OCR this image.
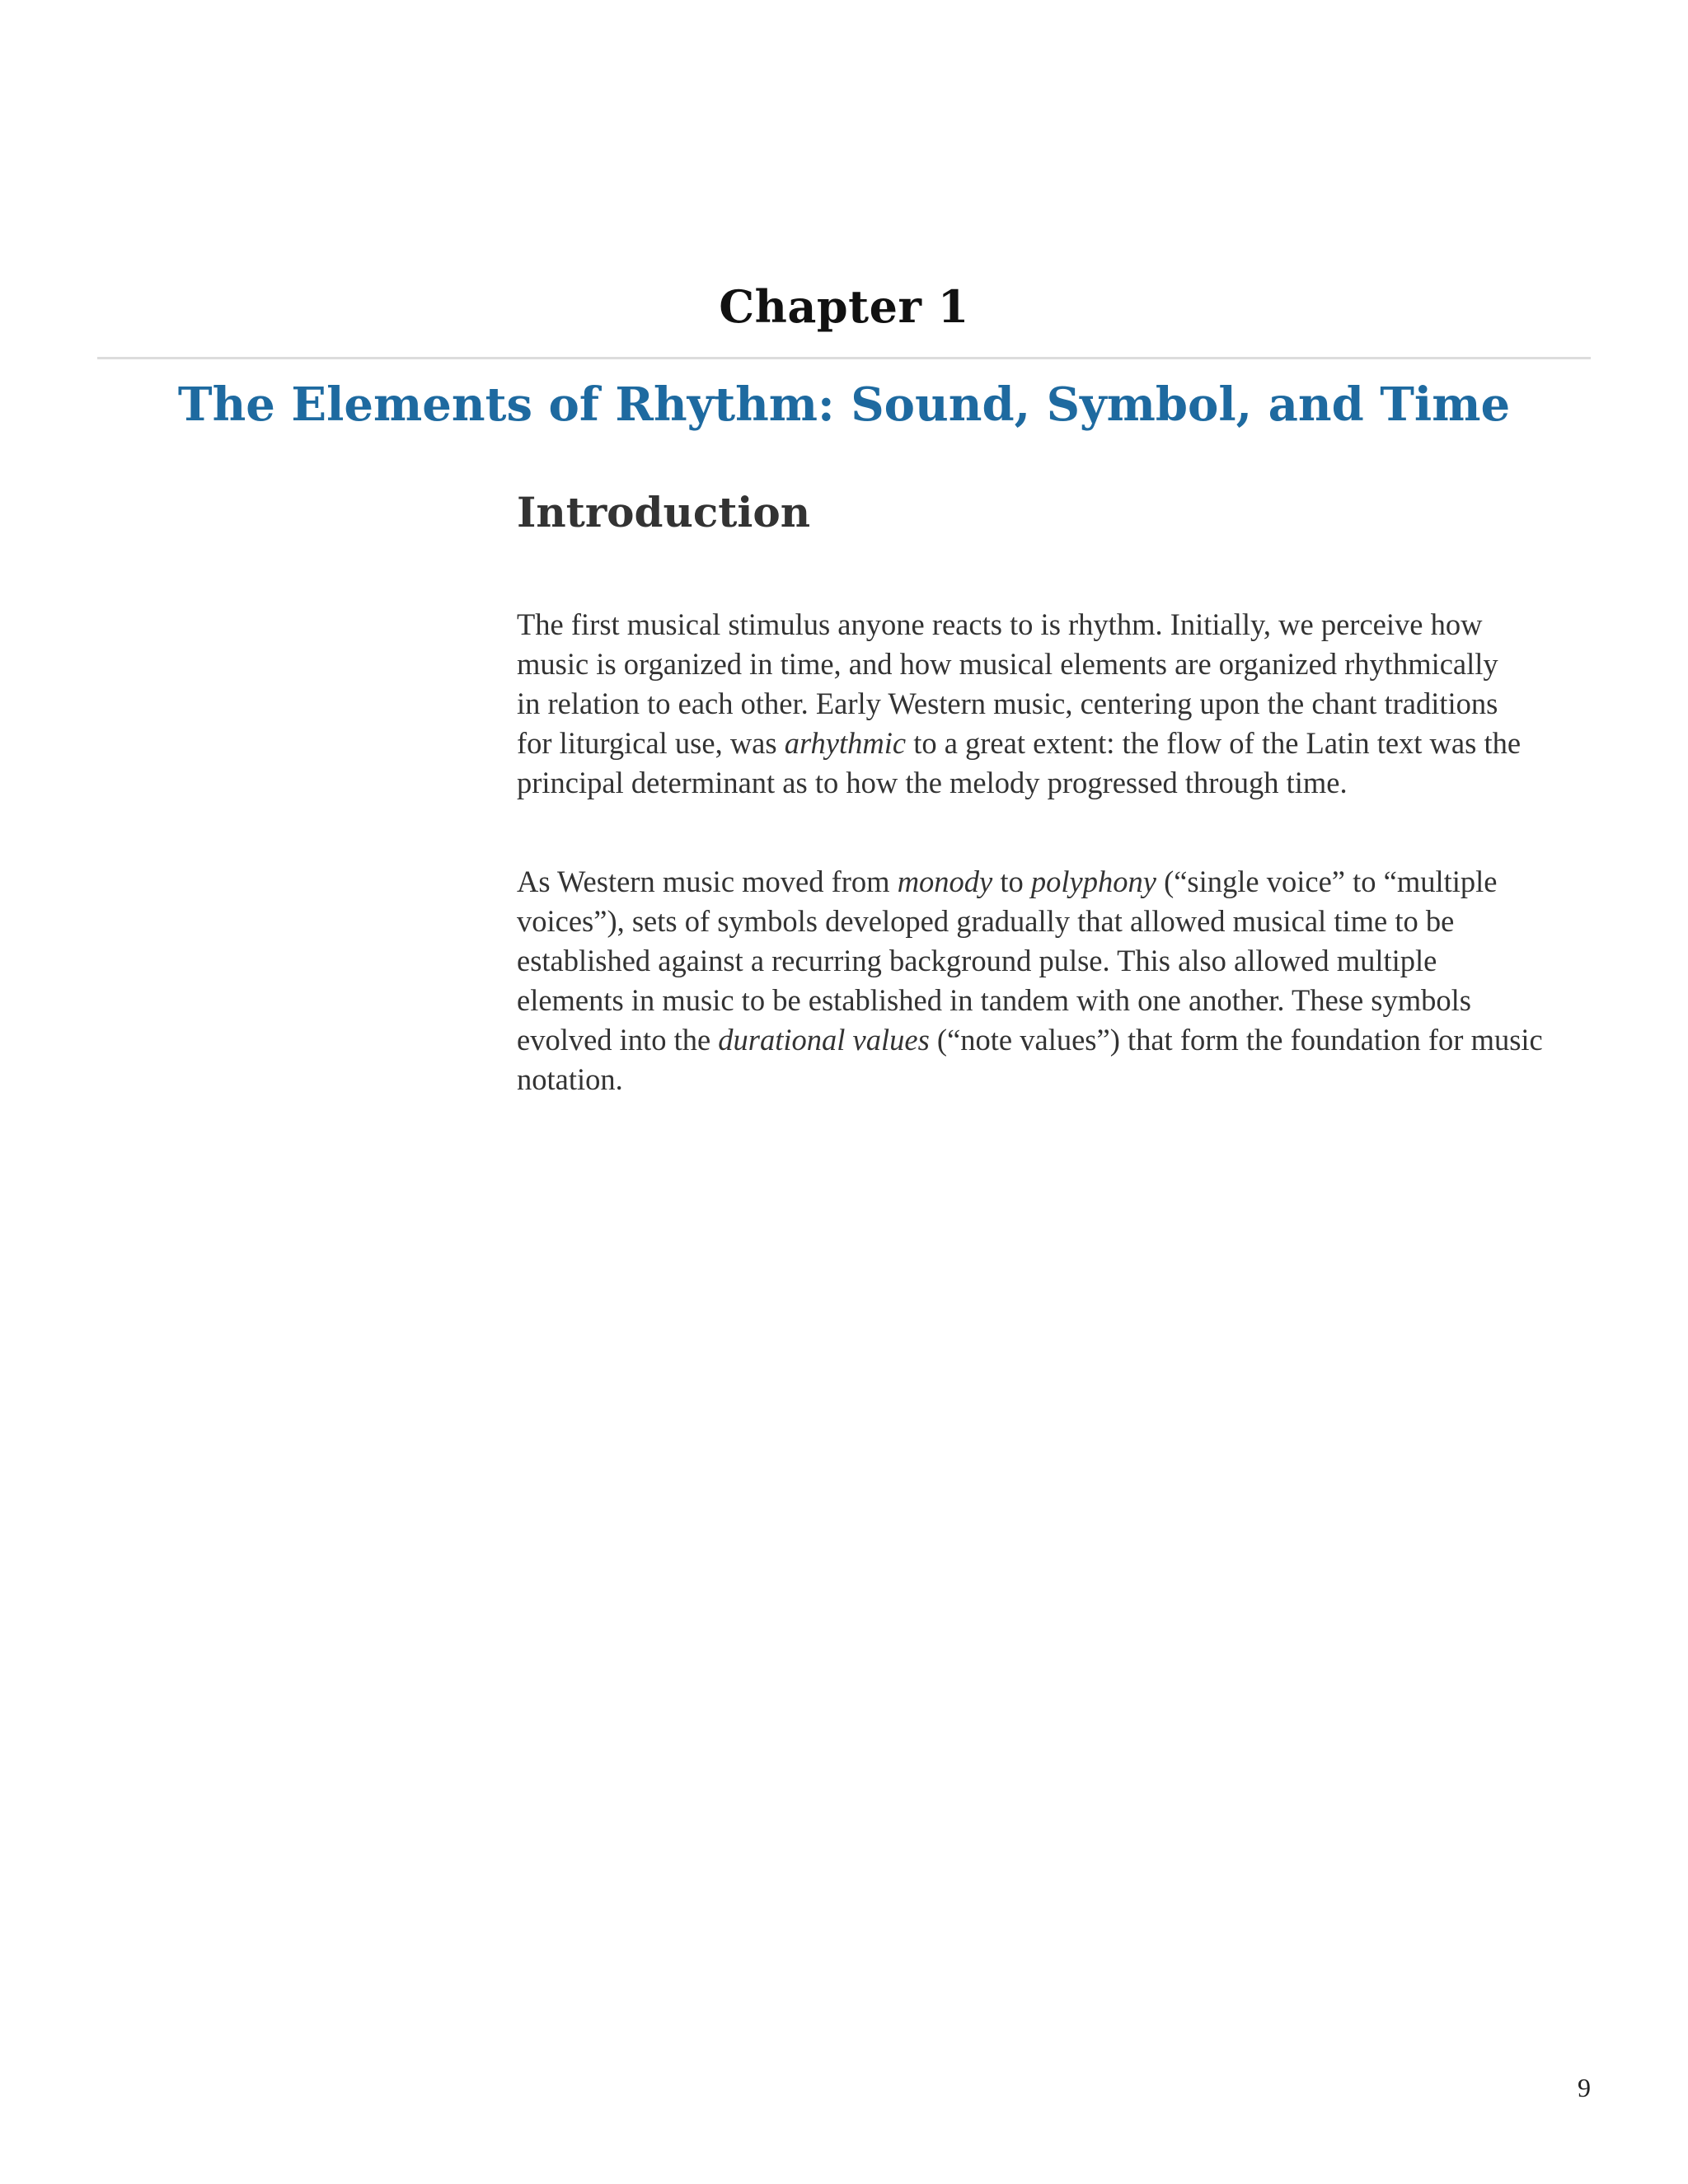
Chapter 1
The Elements of Rhythm: Sound, Symbol, and Time
Introduction
The first musical stimulus anyone reacts to is rhythm. Initially, we perceive how
music is organized in time, and how musical elements are organized rhythmically
in relation to each other. Early Western music, centering upon the chant traditions
for liturgical use, was arhythmic to a great extent: the flow of the Latin text was the
principal determinant as to how the melody progressed through time.
As Western music moved from monody to polyphony (“single voice” to “multiple
voices”), sets of symbols developed gradually that allowed musical time to be
established against a recurring background pulse. This also allowed multiple
elements in music to be established in tandem with one another. These symbols
evolved into the durational values (“note values”) that form the foundation for music
notation.
9
